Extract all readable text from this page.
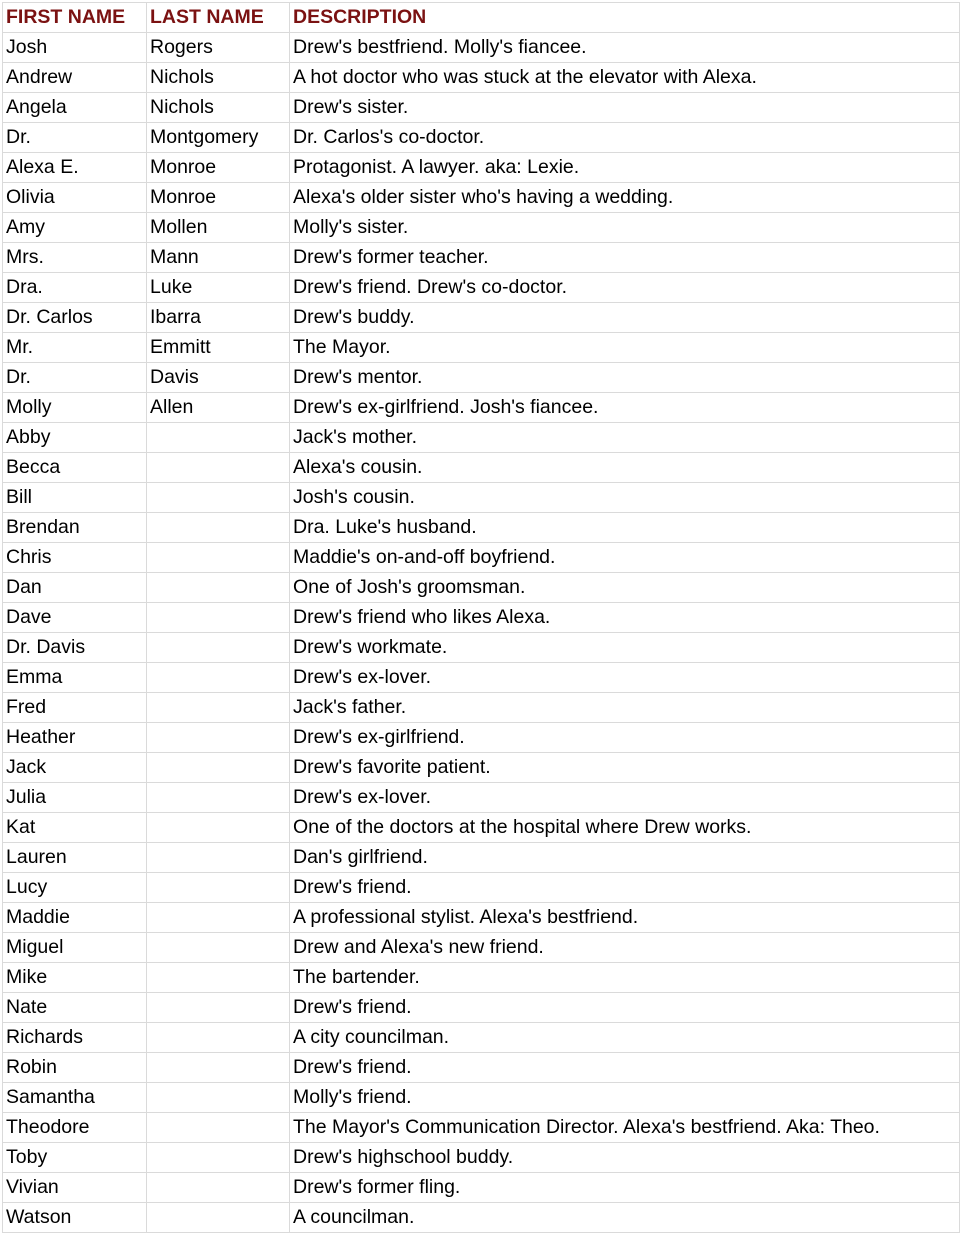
FIRST NAME	LAST NAME	DESCRIPTION
Josh	Rogers	Drew's bestfriend. Molly's fiancee.
Andrew	Nichols	A hot doctor who was stuck at the elevator with Alexa.
Angela	Nichols	Drew's sister.
Dr.	Montgomery	Dr. Carlos's co-doctor.
Alexa E.	Monroe	Protagonist. A lawyer. aka: Lexie.
Olivia	Monroe	Alexa's older sister who's having a wedding.
Amy	Mollen	Molly's sister.
Mrs.	Mann	Drew's former teacher.
Dra.	Luke	Drew's friend. Drew's co-doctor.
Dr. Carlos	Ibarra	Drew's buddy.
Mr.	Emmitt	The Mayor.
Dr.	Davis	Drew's mentor.
Molly	Allen	Drew's ex-girlfriend. Josh's fiancee.
Abby		Jack's mother.
Becca		Alexa's cousin.
Bill		Josh's cousin.
Brendan		Dra. Luke's husband.
Chris		Maddie's on-and-off boyfriend.
Dan		One of Josh's groomsman.
Dave		Drew's friend who likes Alexa.
Dr. Davis		Drew's workmate.
Emma		Drew's ex-lover.
Fred		Jack's father.
Heather		Drew's ex-girlfriend.
Jack		Drew's favorite patient.
Julia		Drew's ex-lover.
Kat		One of the doctors at the hospital where Drew works.
Lauren		Dan's girlfriend.
Lucy		Drew's friend.
Maddie		A professional stylist. Alexa's bestfriend.
Miguel		Drew and Alexa's new friend.
Mike		The bartender.
Nate		Drew's friend.
Richards		A city councilman.
Robin		Drew's friend.
Samantha		Molly's friend.
Theodore		The Mayor's Communication Director. Alexa's bestfriend. Aka: Theo.
Toby		Drew's highschool buddy.
Vivian		Drew's former fling.
Watson		A councilman.
